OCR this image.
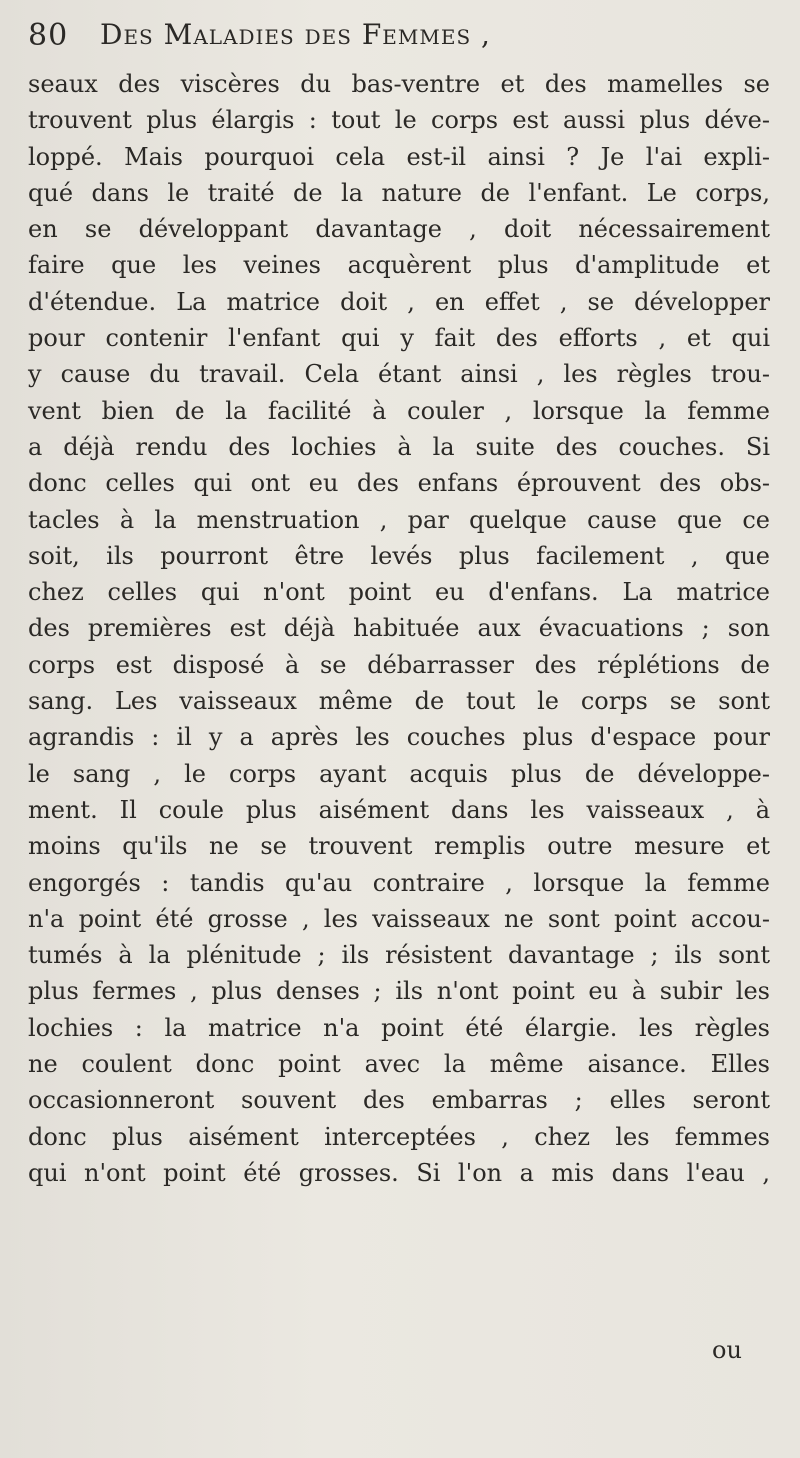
80 Des Maladies des Femmes ,
seaux des viscères du bas-ventre et des mamelles se
trouvent plus élargis : tout le corps est aussi plus déve-
loppé. Mais pourquoi cela est-il ainsi ? Je l'ai expli-
qué dans le traité de la nature de l'enfant. Le corps,
en se développant davantage , doit nécessairement
faire que les veines acquèrent plus d'amplitude et
d'étendue. La matrice doit , en effet , se développer
pour contenir l'enfant qui y fait des efforts , et qui
y cause du travail. Cela étant ainsi , les règles trou-
vent bien de la facilité à couler , lorsque la femme
a déjà rendu des lochies à la suite des couches. Si
donc celles qui ont eu des enfans éprouvent des obs-
tacles à la menstruation , par quelque cause que ce
soit, ils pourront être levés plus facilement , que
chez celles qui n'ont point eu d'enfans. La matrice
des premières est déjà habituée aux évacuations ; son
corps est disposé à se débarrasser des réplétions de
sang. Les vaisseaux même de tout le corps se sont
agrandis : il y a après les couches plus d'espace pour
le sang , le corps ayant acquis plus de développe-
ment. Il coule plus aisément dans les vaisseaux , à
moins qu'ils ne se trouvent remplis outre mesure et
engorgés : tandis qu'au contraire , lorsque la femme
n'a point été grosse , les vaisseaux ne sont point accou-
tumés à la plénitude ; ils résistent davantage ; ils sont
plus fermes , plus denses ; ils n'ont point eu à subir les
lochies : la matrice n'a point été élargie. les règles
ne coulent donc point avec la même aisance. Elles
occasionneront souvent des embarras ; elles seront
donc plus aisément interceptées , chez les femmes
qui n'ont point été grosses. Si l'on a mis dans l'eau ,
ou
